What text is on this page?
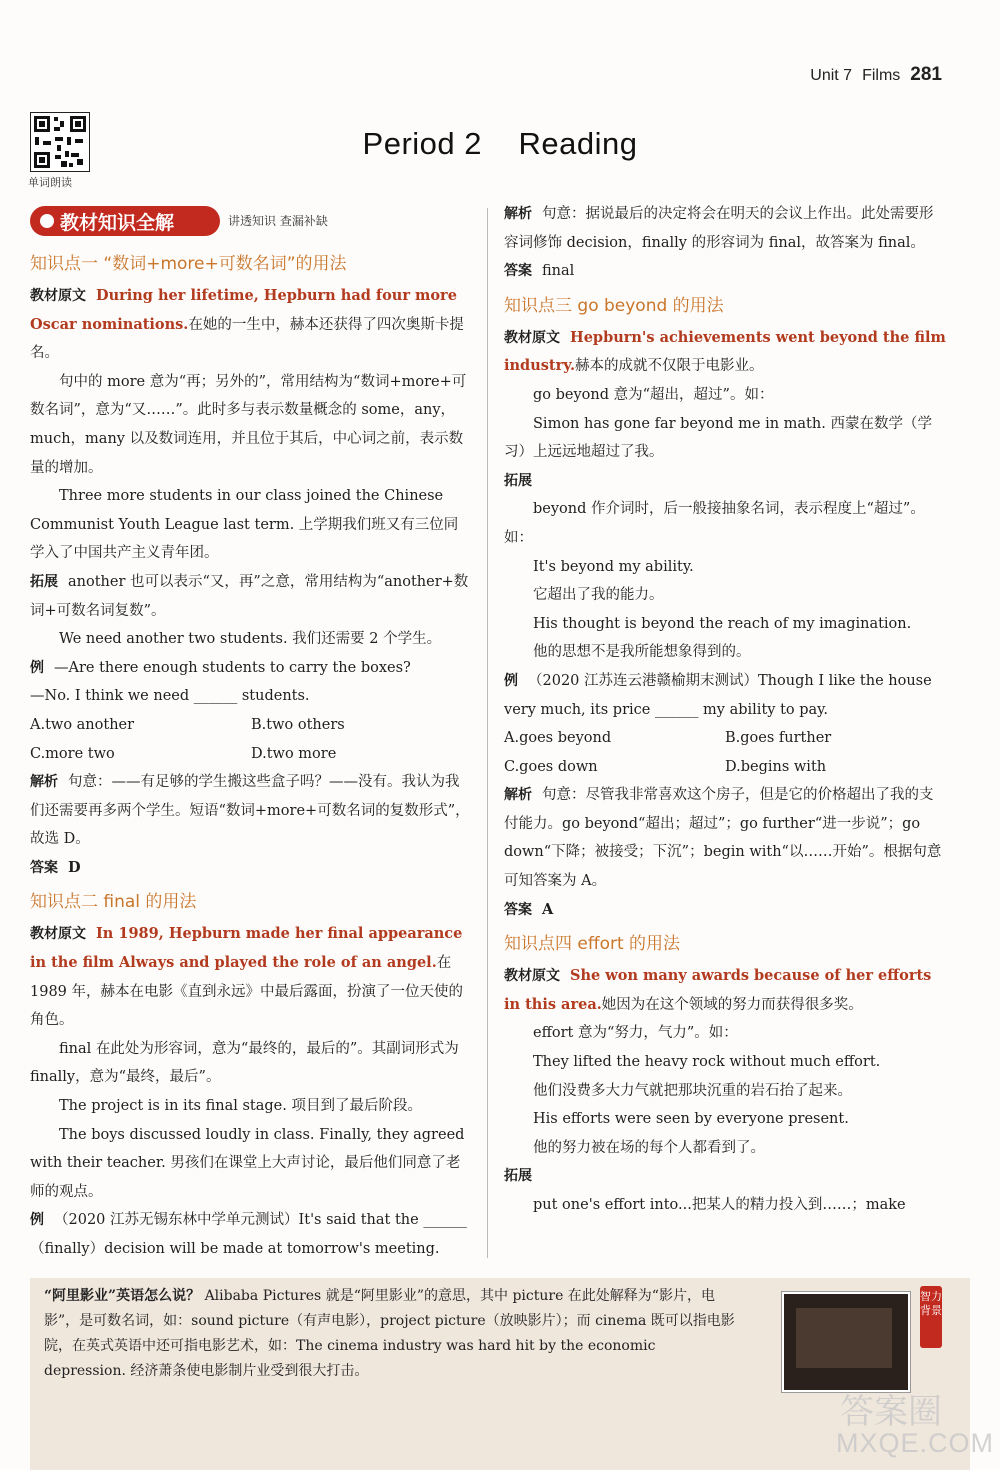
Unit 7 Films 281
单词朗读
Period 2    Reading
教材知识全解	讲透知识 查漏补缺

知识点一 “数词+more+可数名词”的用法

教材原文 During her lifetime, Hepburn had four more Oscar nominations.在她的一生中，赫本还获得了四次奥斯卡提名。

句中的 more 意为“再；另外的”，常用结构为“数词+more+可数名词”，意为“又……”。此时多与表示数量概念的 some，any，much，many 以及数词连用，并且位于其后，中心词之前，表示数量的增加。

Three more students in our class joined the Chinese Communist Youth League last term. 上学期我们班又有三位同学入了中国共产主义青年团。

拓展 another 也可以表示“又，再”之意，常用结构为“another+数词+可数名词复数”。

We need another two students. 我们还需要 2 个学生。

例 —Are there enough students to carry the boxes?

—No. I think we need ______ students.

A.two another	B.two others

C.more two	D.two more

解析 句意：——有足够的学生搬这些盒子吗？——没有。我认为我们还需要再多两个学生。短语“数词+more+可数名词的复数形式”，故选 D。

答案 D

知识点二 final 的用法

教材原文 In 1989, Hepburn made her final appearance in the film Always and played the role of an angel.在 1989 年，赫本在电影《直到永远》中最后露面，扮演了一位天使的角色。

final 在此处为形容词，意为“最终的，最后的”。其副词形式为 finally，意为“最终，最后”。

The project is in its final stage. 项目到了最后阶段。

The boys discussed loudly in class. Finally, they agreed with their teacher. 男孩们在课堂上大声讨论，最后他们同意了老师的观点。

例 （2020 江苏无锡东林中学单元测试）It's said that the ______（finally）decision will be made at tomorrow's meeting.

解析 句意：据说最后的决定将会在明天的会议上作出。此处需要形容词修饰 decision，finally 的形容词为 final，故答案为 final。

答案 final

知识点三 go beyond 的用法

教材原文 Hepburn's achievements went beyond the film industry.赫本的成就不仅限于电影业。

go beyond 意为“超出，超过”。如：

Simon has gone far beyond me in math. 西蒙在数学（学习）上远远地超过了我。

拓展

beyond 作介词时，后一般接抽象名词，表示程度上“超过”。如：

It's beyond my ability.

它超出了我的能力。

His thought is beyond the reach of my imagination.

他的思想不是我所能想象得到的。

例 （2020 江苏连云港赣榆期末测试）Though I like the house very much, its price ______ my ability to pay.

A.goes beyond	B.goes further

C.goes down	D.begins with

解析 句意：尽管我非常喜欢这个房子，但是它的价格超出了我的支付能力。go beyond“超出；超过”；go further“进一步说”；go down“下降；被接受；下沉”；begin with“以……开始”。根据句意可知答案为 A。

答案 A

知识点四 effort 的用法

教材原文 She won many awards because of her efforts in this area.她因为在这个领域的努力而获得很多奖。

effort 意为“努力，气力”。如：

They lifted the heavy rock without much effort.

他们没费多大力气就把那块沉重的岩石抬了起来。

His efforts were seen by everyone present.

他的努力被在场的每个人都看到了。

拓展

put one's effort into...把某人的精力投入到……；make

“阿里影业”英语怎么说？ Alibaba Pictures 就是“阿里影业”的意思，其中 picture 在此处解释为“影片，电影”，是可数名词，如：sound picture（有声电影），project picture（放映影片）；而 cinema 既可以指电影院，在英式英语中还可指电影艺术，如：The cinema industry was hard hit by the economic depression. 经济萧条使电影制片业受到很大打击。
智力背景
答案圈
MXQE.COM
